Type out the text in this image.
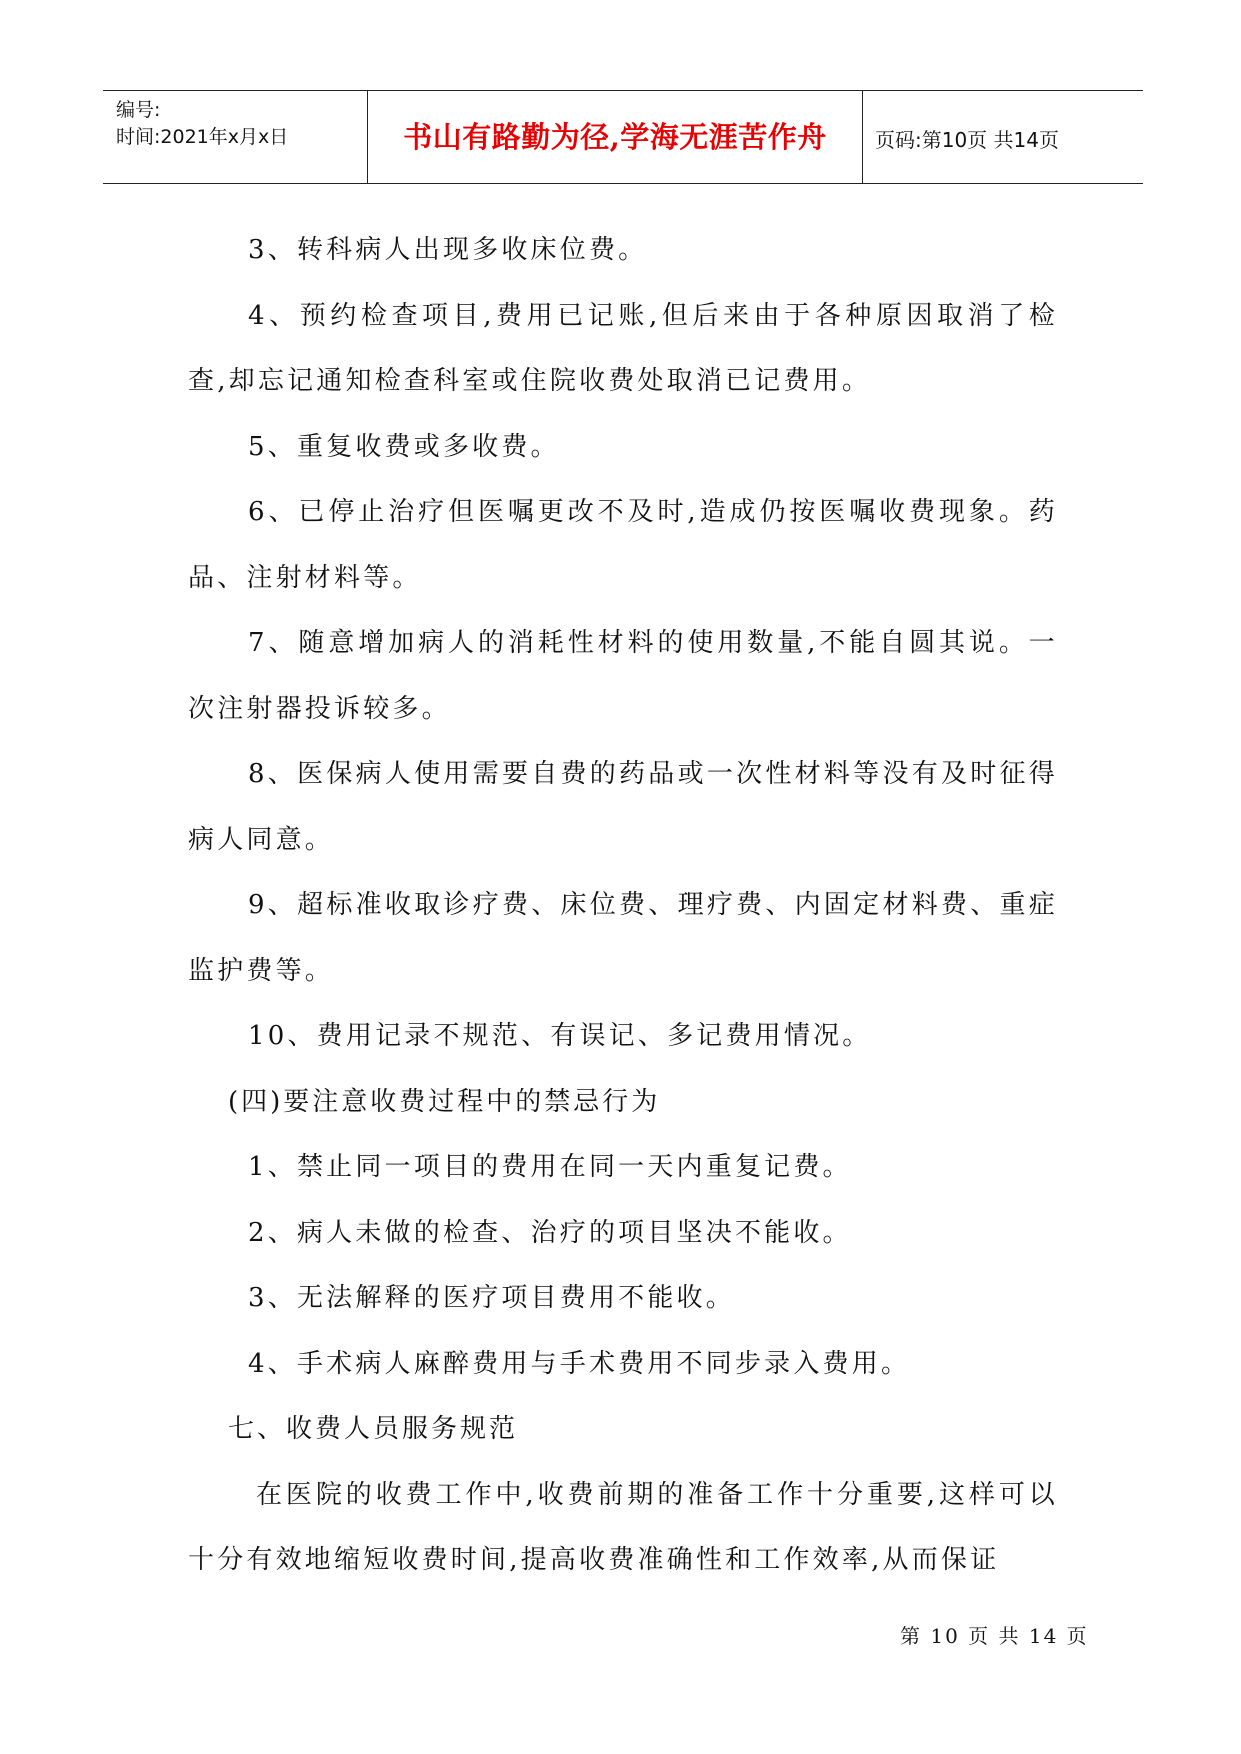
编号:
时间:2021年x月x日	书山有路勤为径,学海无涯苦作舟	页码:第10页 共14页

3、转科病人出现多收床位费。

4、预约检查项目,费用已记账,但后来由于各种原因取消了检查,却忘记通知检查科室或住院收费处取消已记费用。

5、重复收费或多收费。

6、已停止治疗但医嘱更改不及时,造成仍按医嘱收费现象。药品、注射材料等。

7、随意增加病人的消耗性材料的使用数量,不能自圆其说。一次注射器投诉较多。

8、医保病人使用需要自费的药品或一次性材料等没有及时征得病人同意。

9、超标准收取诊疗费、床位费、理疗费、内固定材料费、重症监护费等。

10、费用记录不规范、有误记、多记费用情况。

(四)要注意收费过程中的禁忌行为

1、禁止同一项目的费用在同一天内重复记费。

2、病人未做的检查、治疗的项目坚决不能收。

3、无法解释的医疗项目费用不能收。

4、手术病人麻醉费用与手术费用不同步录入费用。

七、收费人员服务规范

在医院的收费工作中,收费前期的准备工作十分重要,这样可以十分有效地缩短收费时间,提高收费准确性和工作效率,从而保证

第 10 页 共 14 页
